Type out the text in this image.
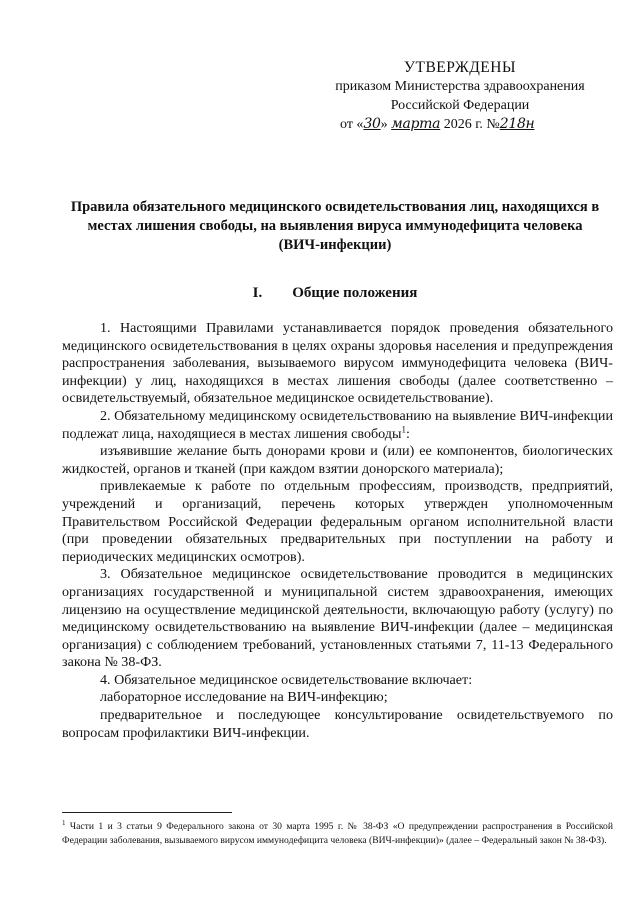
УТВЕРЖДЕНЫ
приказом Министерства здравоохранения
Российской Федерации
от «30» марта 2026 г. №218н
Правила обязательного медицинского освидетельствования лиц, находящихся в местах лишения свободы, на выявления вируса иммунодефицита человека (ВИЧ-инфекции)
I. Общие положения

1. Настоящими Правилами устанавливается порядок проведения обязательного медицинского освидетельствования в целях охраны здоровья населения и предупреждения распространения заболевания, вызываемого вирусом иммунодефицита человека (ВИЧ-инфекции) у лиц, находящихся в местах лишения свободы (далее соответственно – освидетельствуемый, обязательное медицинское освидетельствование).

2. Обязательному медицинскому освидетельствованию на выявление ВИЧ-инфекции подлежат лица, находящиеся в местах лишения свободы$^1$:

изъявившие желание быть донорами крови и (или) ее компонентов, биологических жидкостей, органов и тканей (при каждом взятии донорского материала);

привлекаемые к работе по отдельным профессиям, производств, предприятий, учреждений и организаций, перечень которых утвержден уполномоченным Правительством Российской Федерации федеральным органом исполнительной власти (при проведении обязательных предварительных при поступлении на работу и периодических медицинских осмотров).

3. Обязательное медицинское освидетельствование проводится в медицинских организациях государственной и муниципальной систем здравоохранения, имеющих лицензию на осуществление медицинской деятельности, включающую работу (услугу) по медицинскому освидетельствованию на выявление ВИЧ-инфекции (далее – медицинская организация) с соблюдением требований, установленных статьями 7, 11-13 Федерального закона № 38-ФЗ.

4. Обязательное медицинское освидетельствование включает:

лабораторное исследование на ВИЧ-инфекцию;

предварительное и последующее консультирование освидетельствуемого по вопросам профилактики ВИЧ-инфекции.

$^1$ Части 1 и 3 статьи 9 Федерального закона от 30 марта 1995 г. № 38-ФЗ «О предупреждении распространения в Российской Федерации заболевания, вызываемого вирусом иммунодефицита человека (ВИЧ-инфекции)» (далее – Федеральный закон № 38-ФЗ).
